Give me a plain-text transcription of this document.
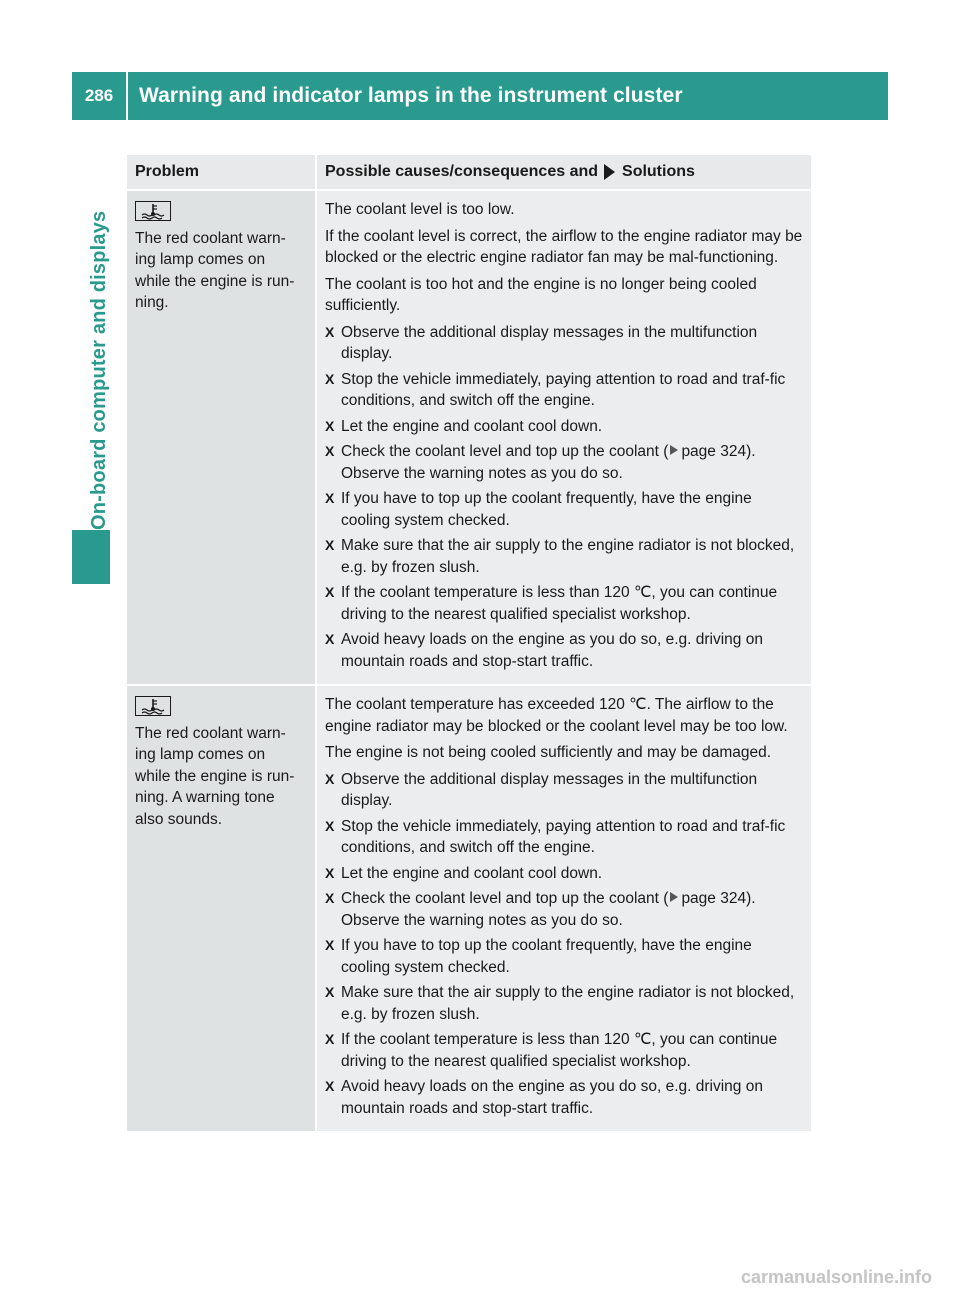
286	Warning and indicator lamps in the instrument cluster
On-board computer and displays
Problem	Possible causes/consequences and Solutions
The red coolant warn-
ing lamp comes on
while the engine is run-
ning.

The coolant level is too low.

If the coolant level is correct, the airflow to the engine radiator may be blocked or the electric engine radiator fan may be mal-functioning.

The coolant is too hot and the engine is no longer being cooled sufficiently.

X Observe the additional display messages in the multifunction display.
X Stop the vehicle immediately, paying attention to road and traf-fic conditions, and switch off the engine.
X Let the engine and coolant cool down.
X Check the coolant level and top up the coolant ( page 324). Observe the warning notes as you do so.
X If you have to top up the coolant frequently, have the engine cooling system checked.
X Make sure that the air supply to the engine radiator is not blocked, e.g. by frozen slush.
X If the coolant temperature is less than 120 ℃, you can continue driving to the nearest qualified specialist workshop.
X Avoid heavy loads on the engine as you do so, e.g. driving on mountain roads and stop-start traffic.
The red coolant warn-
ing lamp comes on
while the engine is run-
ning. A warning tone
also sounds.

The coolant temperature has exceeded 120 ℃. The airflow to the engine radiator may be blocked or the coolant level may be too low.

The engine is not being cooled sufficiently and may be damaged.

X Observe the additional display messages in the multifunction display.
X Stop the vehicle immediately, paying attention to road and traf-fic conditions, and switch off the engine.
X Let the engine and coolant cool down.
X Check the coolant level and top up the coolant ( page 324). Observe the warning notes as you do so.
X If you have to top up the coolant frequently, have the engine cooling system checked.
X Make sure that the air supply to the engine radiator is not blocked, e.g. by frozen slush.
X If the coolant temperature is less than 120 ℃, you can continue driving to the nearest qualified specialist workshop.
X Avoid heavy loads on the engine as you do so, e.g. driving on mountain roads and stop-start traffic.
carmanualsonline.info
